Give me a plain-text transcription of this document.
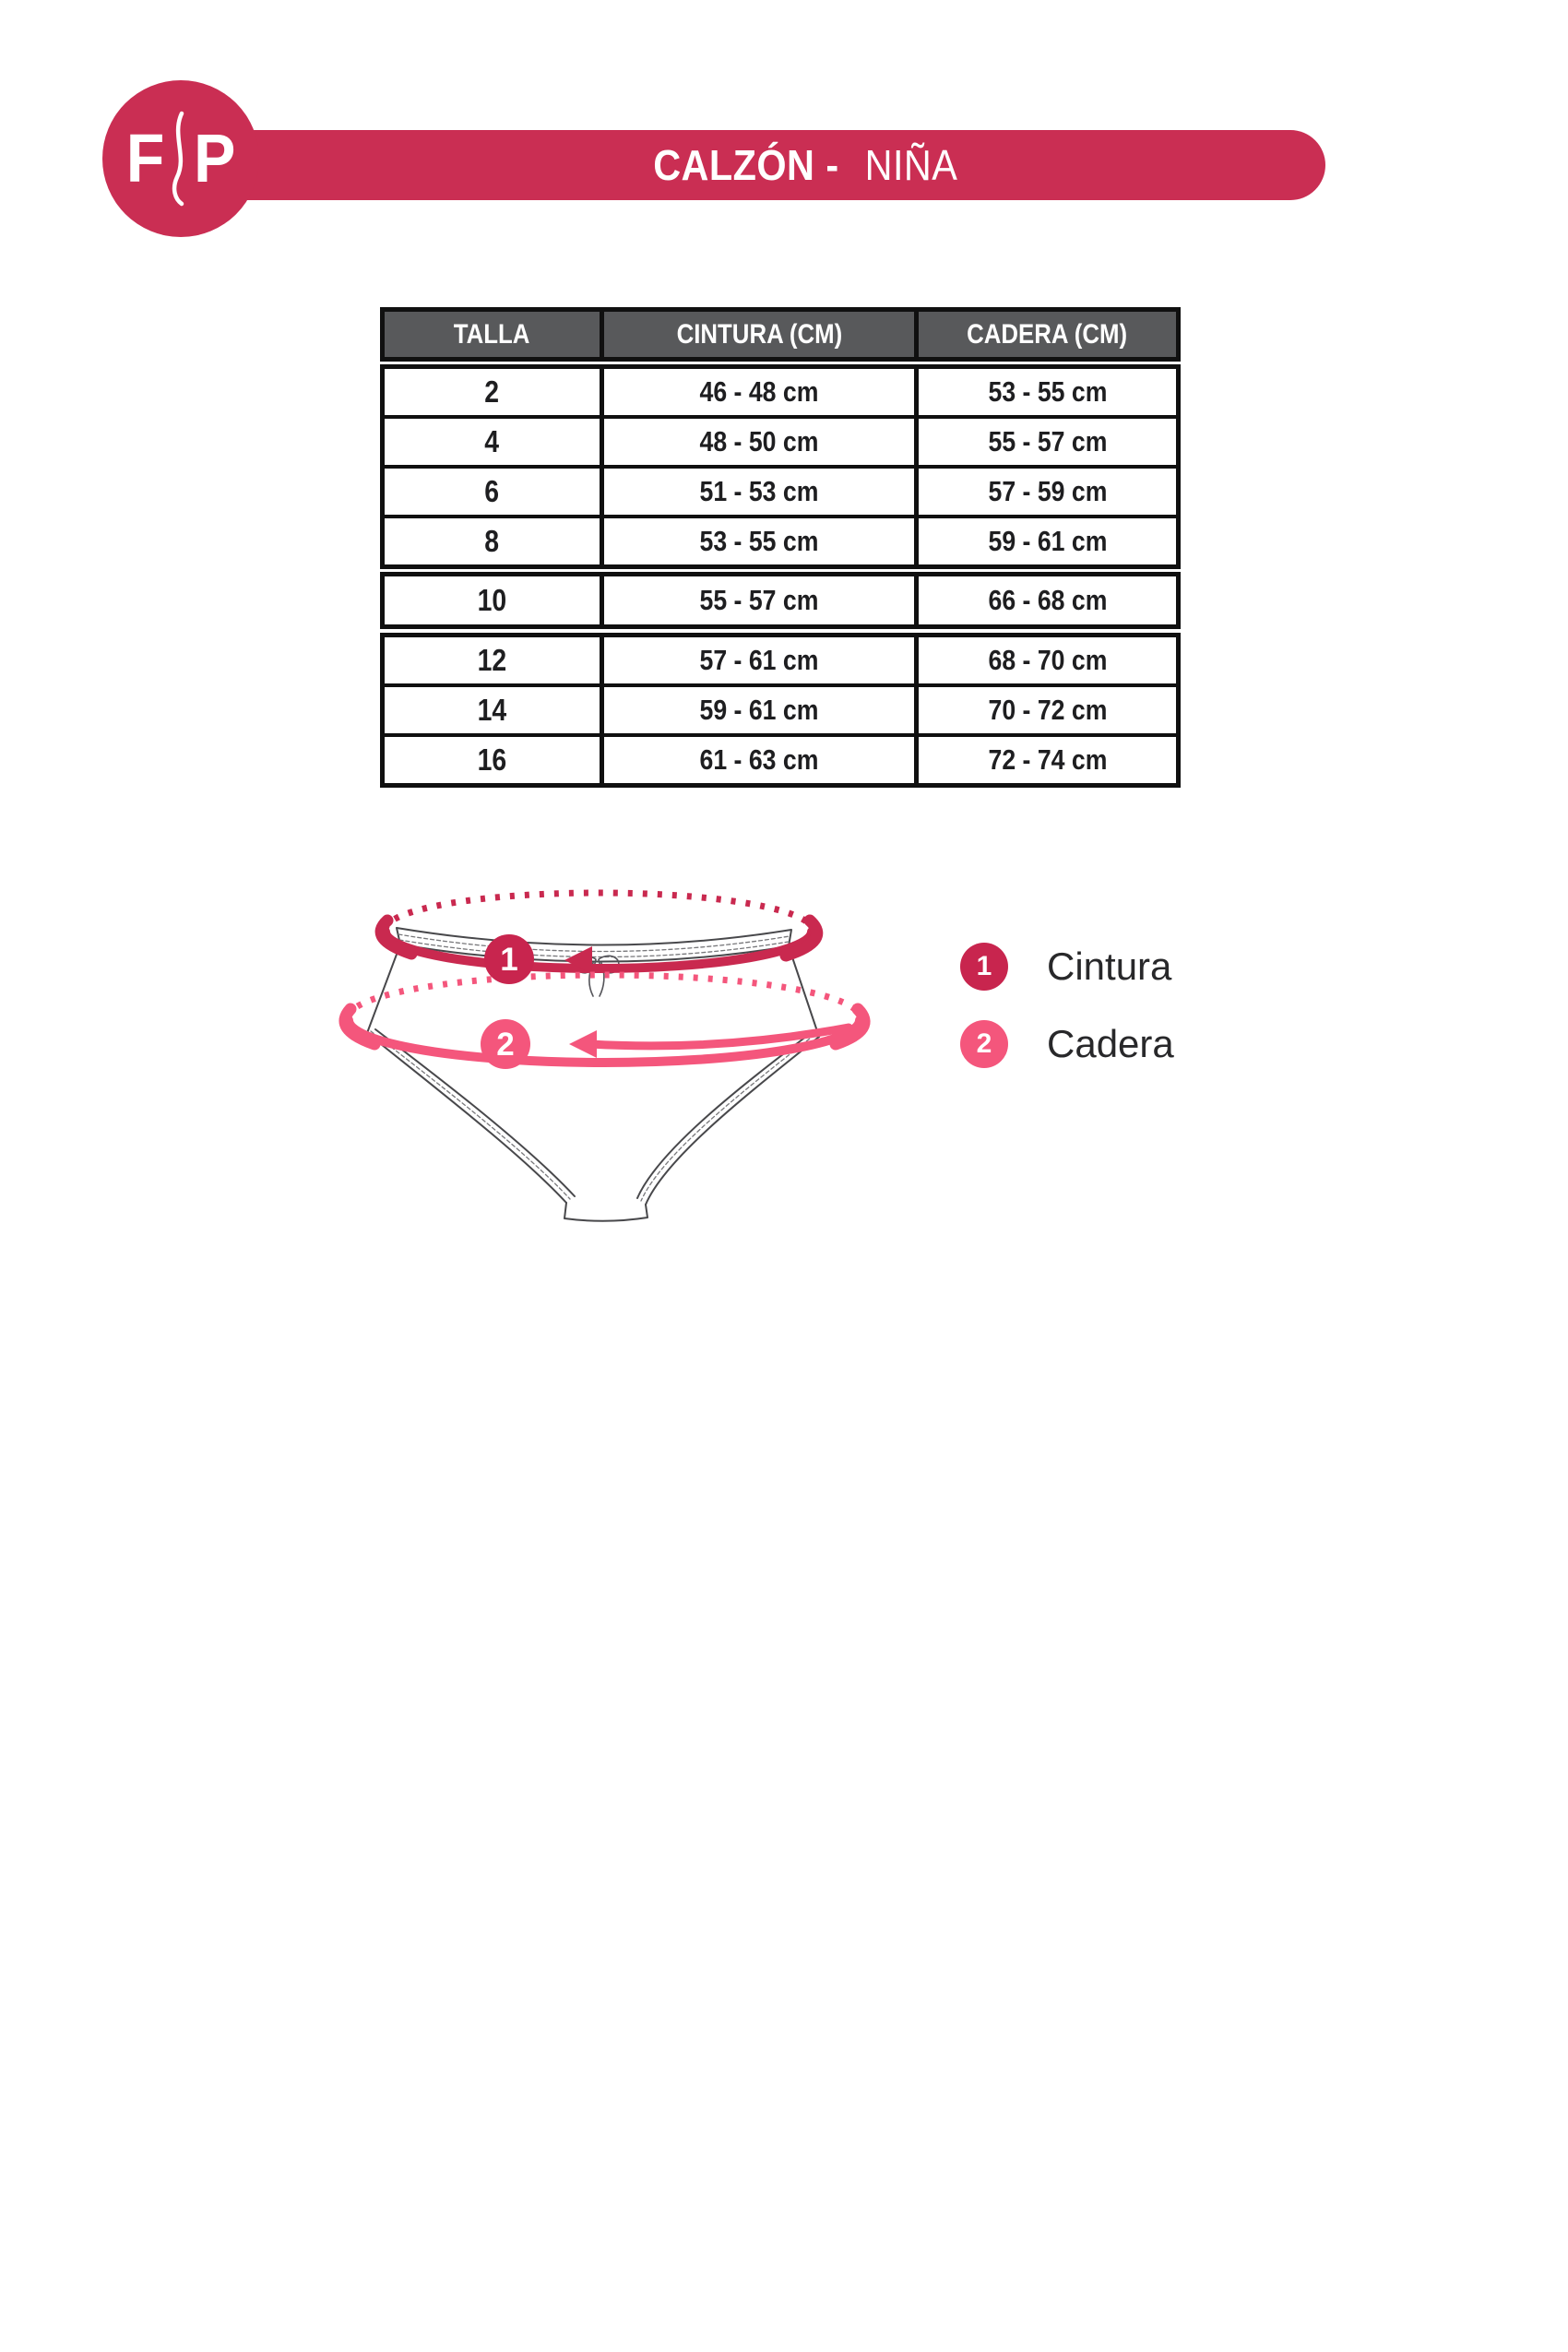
CALZÓN - NIÑA
F P
TALLA	CINTURA (CM)	CADERA (CM)
2	46 - 48 cm	53 - 55 cm
4	48 - 50 cm	55 - 57 cm
6	51 - 53 cm	57 - 59 cm
8	53 - 55 cm	59 - 61 cm
10	55 - 57 cm	66 - 68 cm
12	57 - 61 cm	68 - 70 cm
14	59 - 61 cm	70 - 72 cm
16	61 - 63 cm	72 - 74 cm
1
2
1 Cintura
2 Cadera
